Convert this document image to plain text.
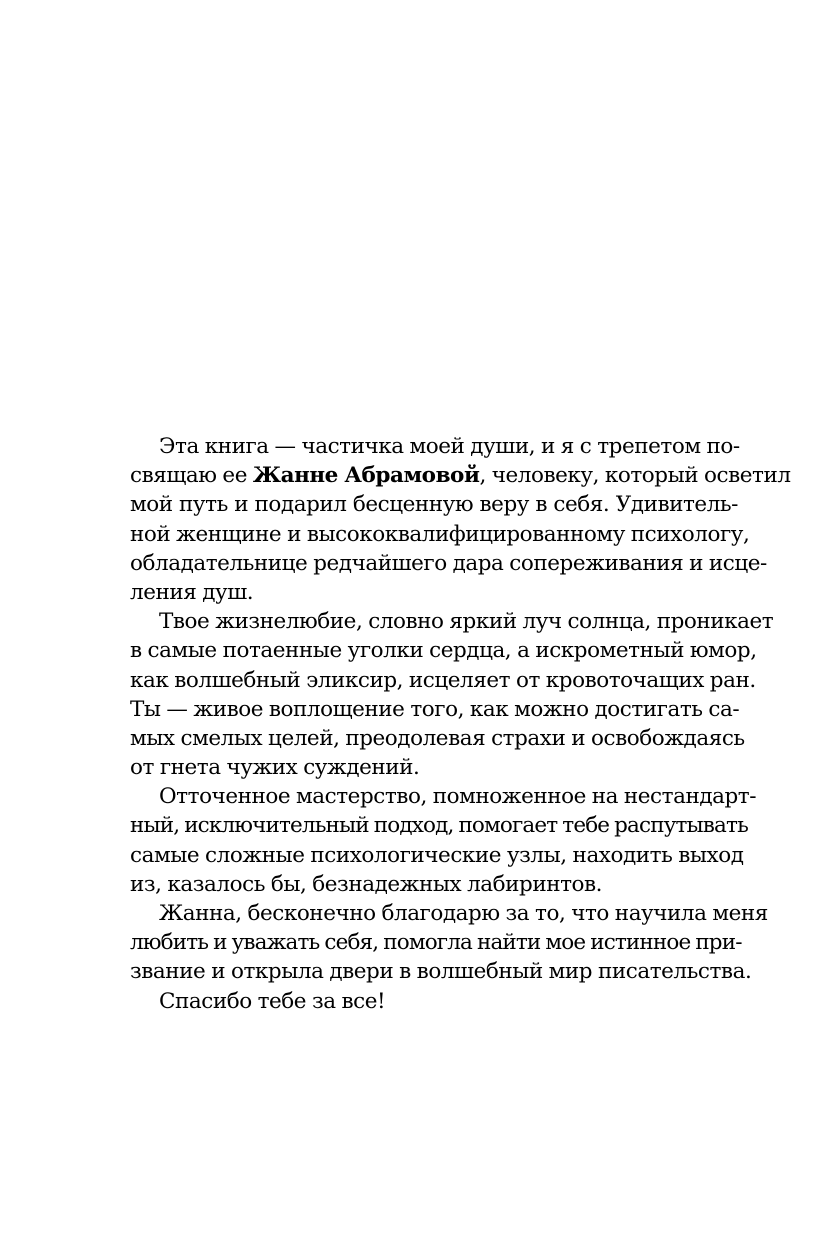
Эта книга — частичка моей души, и я с трепетом по-
свящаю ее Жанне Абрамовой, человеку, который осветил
мой путь и подарил бесценную веру в себя. Удивитель-
ной женщине и высококвалифицированному психологу,
обладательнице редчайшего дара сопереживания и исце-
ления душ.
Твое жизнелюбие, словно яркий луч солнца, проникает
в самые потаенные уголки сердца, а искрометный юмор,
как волшебный эликсир, исцеляет от кровоточащих ран.
Ты — живое воплощение того, как можно достигать са-
мых смелых целей, преодолевая страхи и освобождаясь
от гнета чужих суждений.
Отточенное мастерство, помноженное на нестандарт-
ный, исключительный подход, помогает тебе распутывать
самые сложные психологические узлы, находить выход
из, казалось бы, безнадежных лабиринтов.
Жанна, бесконечно благодарю за то, что научила меня
любить и уважать себя, помогла найти мое истинное при-
звание и открыла двери в волшебный мир писательства.
Спасибо тебе за все!
